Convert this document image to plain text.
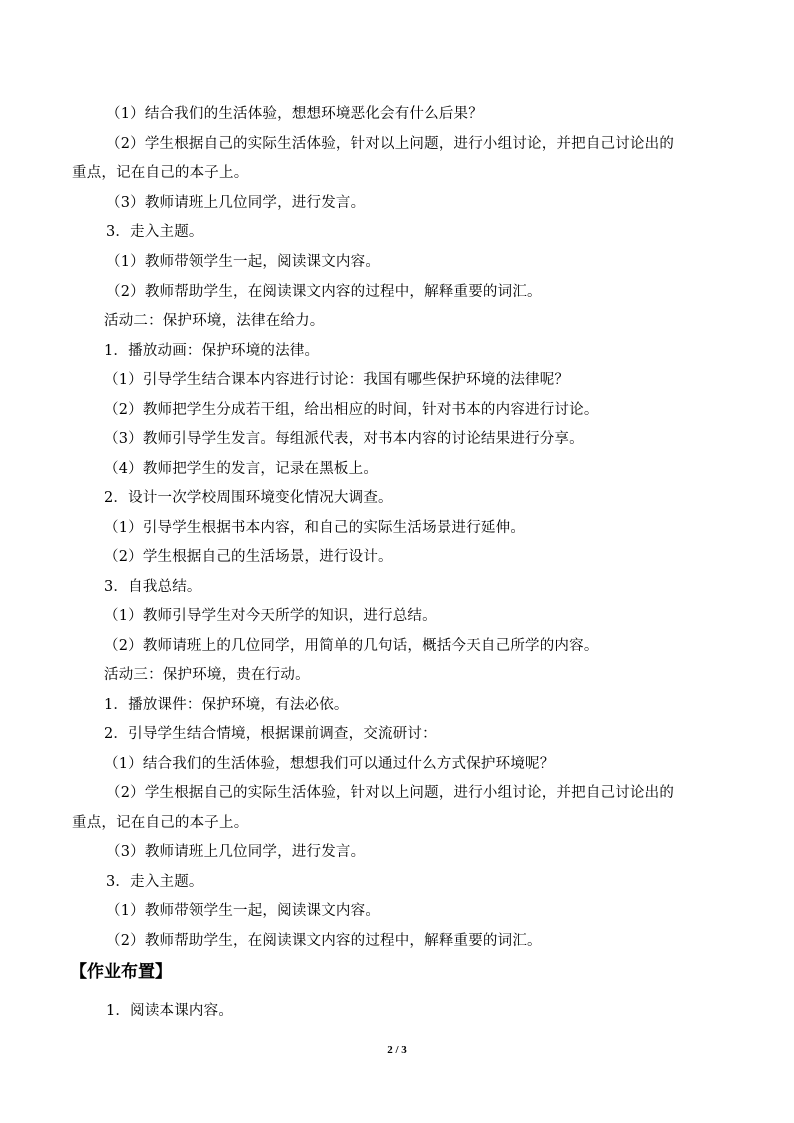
（1）结合我们的生活体验，想想环境恶化会有什么后果？
（2）学生根据自己的实际生活体验，针对以上问题，进行小组讨论，并把自己讨论出的
重点，记在自己的本子上。
（3）教师请班上几位同学，进行发言。
3．走入主题。
（1）教师带领学生一起，阅读课文内容。
（2）教师帮助学生，在阅读课文内容的过程中，解释重要的词汇。
活动二：保护环境，法律在给力。
1．播放动画：保护环境的法律。
（1）引导学生结合课本内容进行讨论：我国有哪些保护环境的法律呢？
（2）教师把学生分成若干组，给出相应的时间，针对书本的内容进行讨论。
（3）教师引导学生发言。每组派代表，对书本内容的讨论结果进行分享。
（4）教师把学生的发言，记录在黑板上。
2．设计一次学校周围环境变化情况大调查。
（1）引导学生根据书本内容，和自己的实际生活场景进行延伸。
（2）学生根据自己的生活场景，进行设计。
3．自我总结。
（1）教师引导学生对今天所学的知识，进行总结。
（2）教师请班上的几位同学，用简单的几句话，概括今天自己所学的内容。
活动三：保护环境，贵在行动。
1．播放课件：保护环境，有法必依。
2．引导学生结合情境，根据课前调查，交流研讨：
（1）结合我们的生活体验，想想我们可以通过什么方式保护环境呢？
（2）学生根据自己的实际生活体验，针对以上问题，进行小组讨论，并把自己讨论出的
重点，记在自己的本子上。
（3）教师请班上几位同学，进行发言。
3．走入主题。
（1）教师带领学生一起，阅读课文内容。
（2）教师帮助学生，在阅读课文内容的过程中，解释重要的词汇。
【作业布置】
1．阅读本课内容。
2 / 3
